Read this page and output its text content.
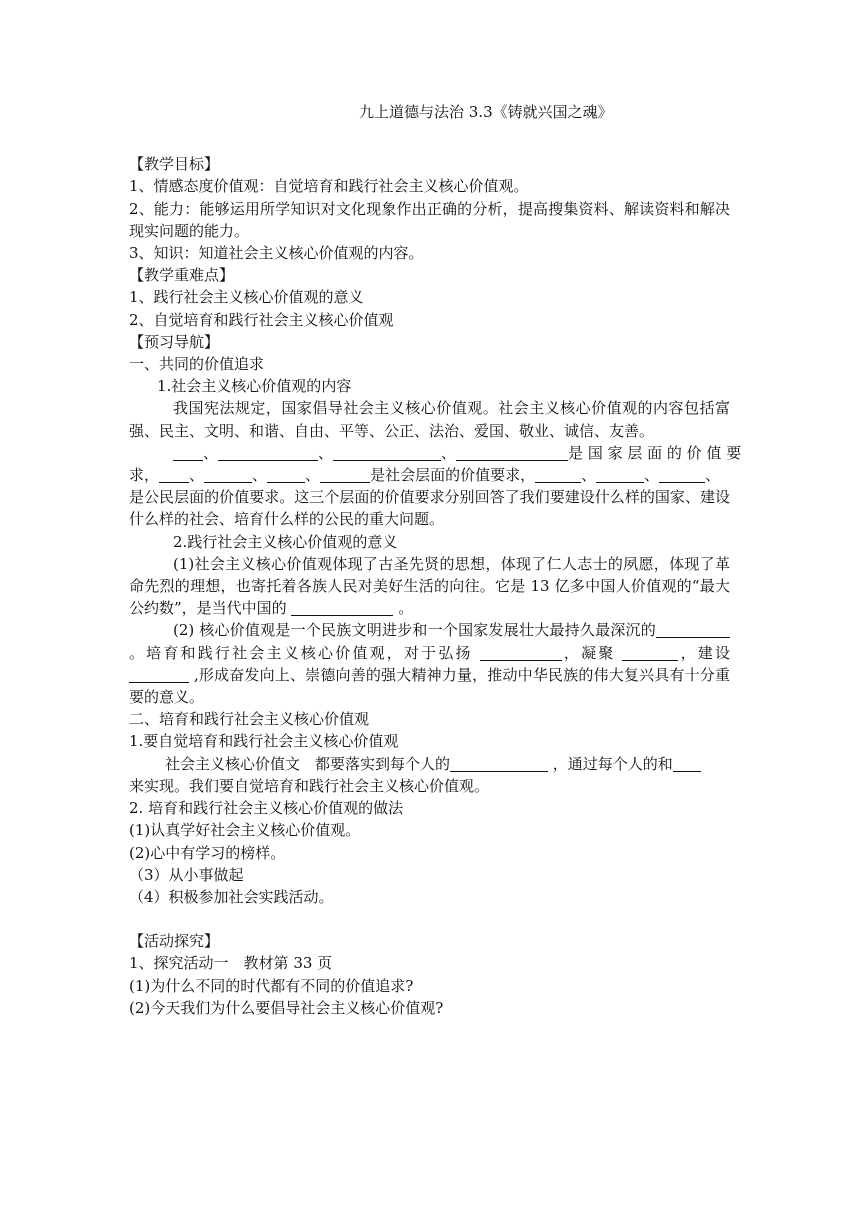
九上道德与法治 3.3《铸就兴国之魂》

【教学目标】

1、情感态度价值观：自觉培育和践行社会主义核心价值观。

2、能力：能够运用所学知识对文化现象作出正确的分析，提高搜集资料、解读资料和解决现实问题的能力。

3、知识：知道社会主义核心价值观的内容。

【教学重难点】

1、践行社会主义核心价值观的意义

2、自觉培育和践行社会主义核心价值观

【预习导航】

一、共同的价值追求

1.社会主义核心价值观的内容

我国宪法规定，国家倡导社会主义核心价值观。社会主义核心价值观的内容包括富强、民主、文明、和谐、自由、平等、公正、法治、爱国、敬业、诚信、友善。

、	、	、	是 国 家 层 面 的 价 值 要

求， 、	、	、	是社会层面的价值要求，	、	、	、

是公民层面的价值要求。这三个层面的价值要求分别回答了我们要建设什么样的国家、建设什么样的社会、培育什么样的公民的重大问题。

2.践行社会主义核心价值观的意义

(1)社会主义核心价值观体现了古圣先贤的思想，体现了仁人志士的夙愿，体现了革命先烈的理想，也寄托着各族人民对美好生活的向往。它是 13 亿多中国人价值观的“最大公约数”，是当代中国的	。

(2) 核心价值观是一个民族文明进步和一个国家发展壮大最持久最深沉的。培育和践行社会主义核心价值观，对于弘扬	，凝聚	，建设  ,形成奋发向上、崇德向善的强大精神力量，推动中华民族的伟大复兴具有十分重要的意义。

二、培育和践行社会主义核心价值观

1.要自觉培育和践行社会主义核心价值观

社会主义核心价值文　都要落实到每个人的	，通过每个人的和

来实现。我们要自觉培育和践行社会主义核心价值观。

2. 培育和践行社会主义核心价值观的做法

(1)认真学好社会主义核心价值观。

(2)心中有学习的榜样。

（3）从小事做起

（4）积极参加社会实践活动。

【活动探究】

1、探究活动一　教材第 33 页

(1)为什么不同的时代都有不同的价值追求?

(2)今天我们为什么要倡导社会主义核心价值观?
